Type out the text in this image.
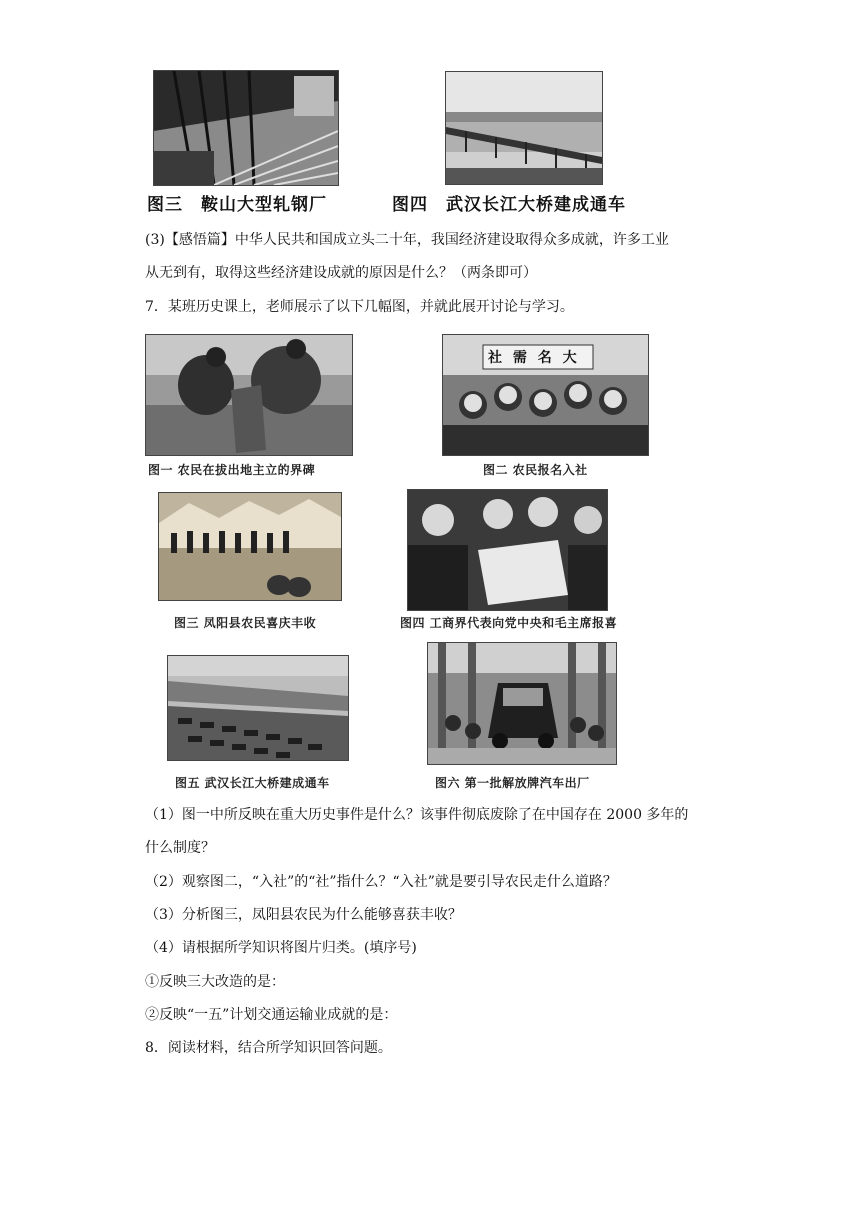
图三　鞍山大型轧钢厂	图四　武汉长江大桥建成通车
(3)【感悟篇】中华人民共和国成立头二十年，我国经济建设取得众多成就，许多工业
从无到有，取得这些经济建设成就的原因是什么？（两条即可）
7．某班历史课上，老师展示了以下几幅图，并就此展开讨论与学习。
社 需 名 大
图一 农民在拔出地主立的界碑	图二 农民报名入社
图三 凤阳县农民喜庆丰收	图四 工商界代表向党中央和毛主席报喜
图五 武汉长江大桥建成通车	图六 第一批解放牌汽车出厂
（1）图一中所反映在重大历史事件是什么？该事件彻底废除了在中国存在 2000 多年的
什么制度？
（2）观察图二，“入社”的“社”指什么？“入社”就是要引导农民走什么道路？
（3）分析图三，凤阳县农民为什么能够喜获丰收？
（4）请根据所学知识将图片归类。(填序号)
①反映三大改造的是：
②反映“一五”计划交通运输业成就的是：
8．阅读材料，结合所学知识回答问题。
